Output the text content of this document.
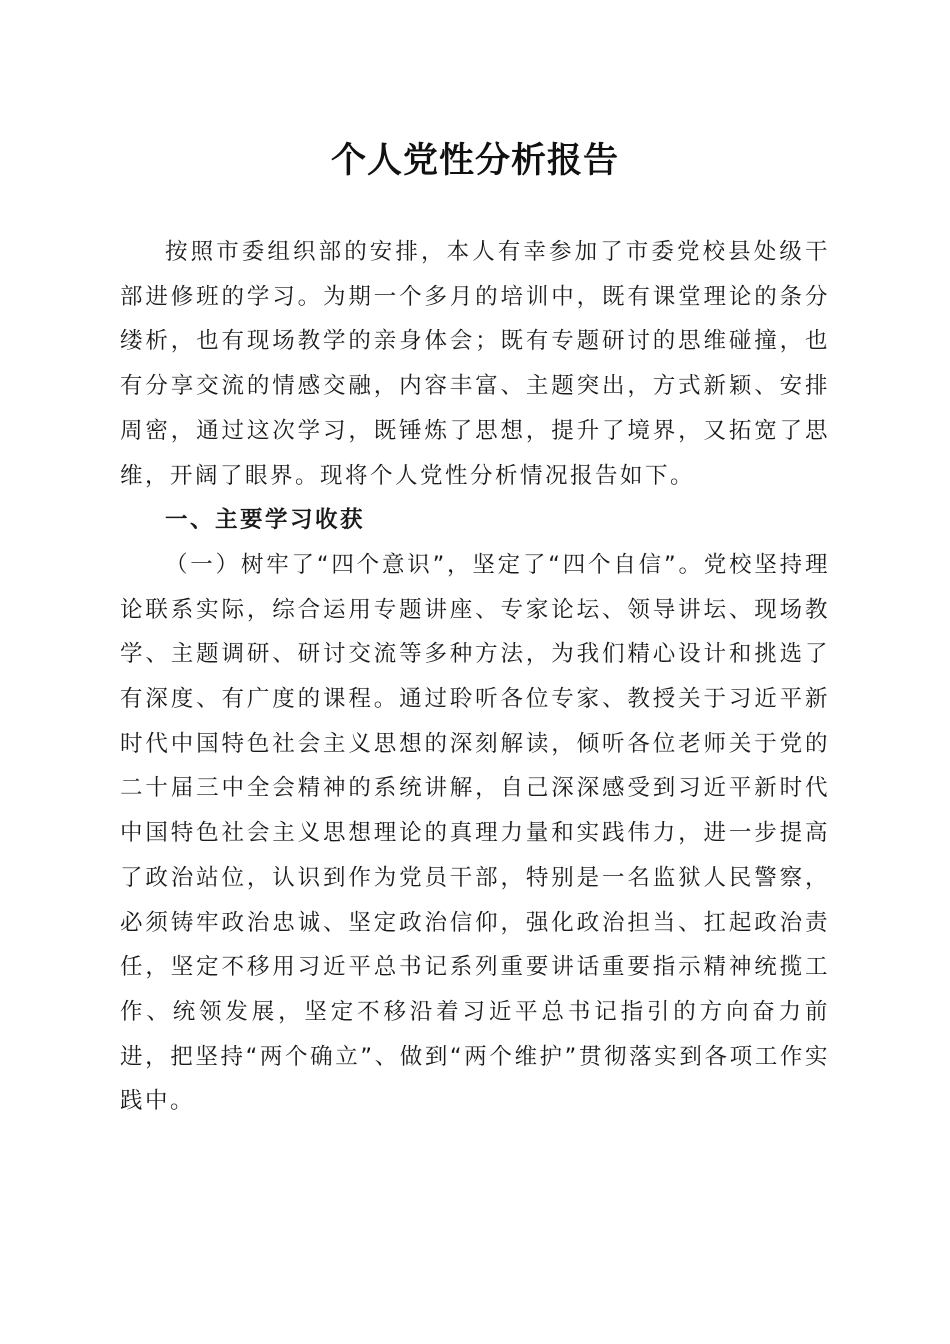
个人党性分析报告

按照市委组织部的安排，本人有幸参加了市委党校县处级干部进修班的学习。为期一个多月的培训中，既有课堂理论的条分缕析，也有现场教学的亲身体会；既有专题研讨的思维碰撞，也有分享交流的情感交融，内容丰富、主题突出，方式新颖、安排周密，通过这次学习，既锤炼了思想，提升了境界，又拓宽了思维，开阔了眼界。现将个人党性分析情况报告如下。

一、主要学习收获

（一）树牢了“四个意识”，坚定了“四个自信”。党校坚持理论联系实际，综合运用专题讲座、专家论坛、领导讲坛、现场教学、主题调研、研讨交流等多种方法，为我们精心设计和挑选了有深度、有广度的课程。通过聆听各位专家、教授关于习近平新时代中国特色社会主义思想的深刻解读，倾听各位老师关于党的二十届三中全会精神的系统讲解，自己深深感受到习近平新时代中国特色社会主义思想理论的真理力量和实践伟力，进一步提高了政治站位，认识到作为党员干部，特别是一名监狱人民警察，必须铸牢政治忠诚、坚定政治信仰，强化政治担当、扛起政治责任，坚定不移用习近平总书记系列重要讲话重要指示精神统揽工作、统领发展，坚定不移沿着习近平总书记指引的方向奋力前进，把坚持“两个确立”、做到“两个维护”贯彻落实到各项工作实践中。
